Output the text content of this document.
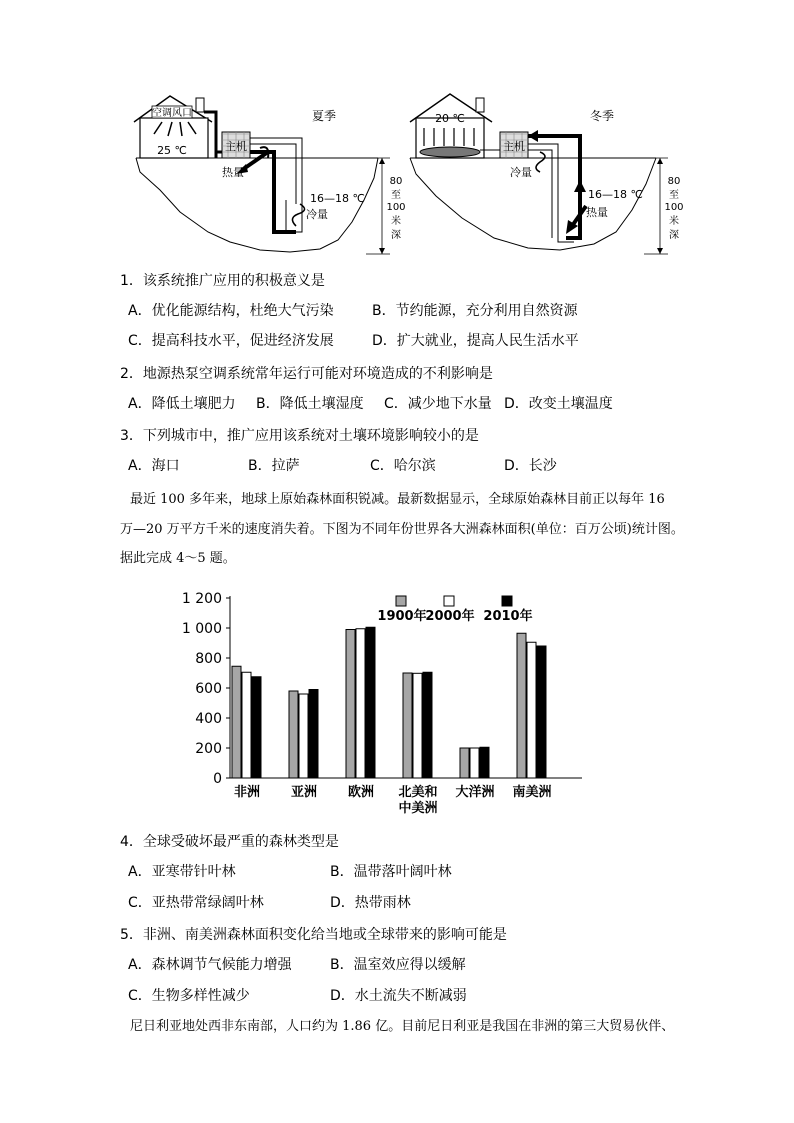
空调风口
25 ℃	主机
热量
16—18 ℃
冷量
夏季
80
至
100
米
深
20 ℃
主机
冷量
16—18 ℃
热量
冬季
80
至
100
米
深
1．该系统推广应用的积极意义是
A．优化能源结构，杜绝大气污染	B．节约能源，充分利用自然资源
C．提高科技水平，促进经济发展	D．扩大就业，提高人民生活水平
2．地源热泵空调系统常年运行可能对环境造成的不利影响是
A．降低土壤肥力 B．降低土壤湿度 C．减少地下水量 D．改变土壤温度
3．下列城市中，推广应用该系统对土壤环境影响较小的是
A．海口	B．拉萨	C．哈尔滨	D．长沙
最近 100 多年来，地球上原始森林面积锐减。最新数据显示，全球原始森林目前正以每年 16
万—20 万平方千米的速度消失着。下图为不同年份世界各大洲森林面积(单位：百万公顷)统计图。
据此完成 4～5 题。
0
200
400
600
800
1 000
1 200
非洲 亚洲 欧洲 北美和
中美洲
大洋洲 南美洲
1900年
2000年 2010年
4．全球受破坏最严重的森林类型是
A．亚寒带针叶林	B．温带落叶阔叶林
C．亚热带常绿阔叶林	D．热带雨林
5．非洲、南美洲森林面积变化给当地或全球带来的影响可能是
A．森林调节气候能力增强	B．温室效应得以缓解
C．生物多样性减少	D．水土流失不断减弱
尼日利亚地处西非东南部，人口约为 1.86 亿。目前尼日利亚是我国在非洲的第三大贸易伙伴、
